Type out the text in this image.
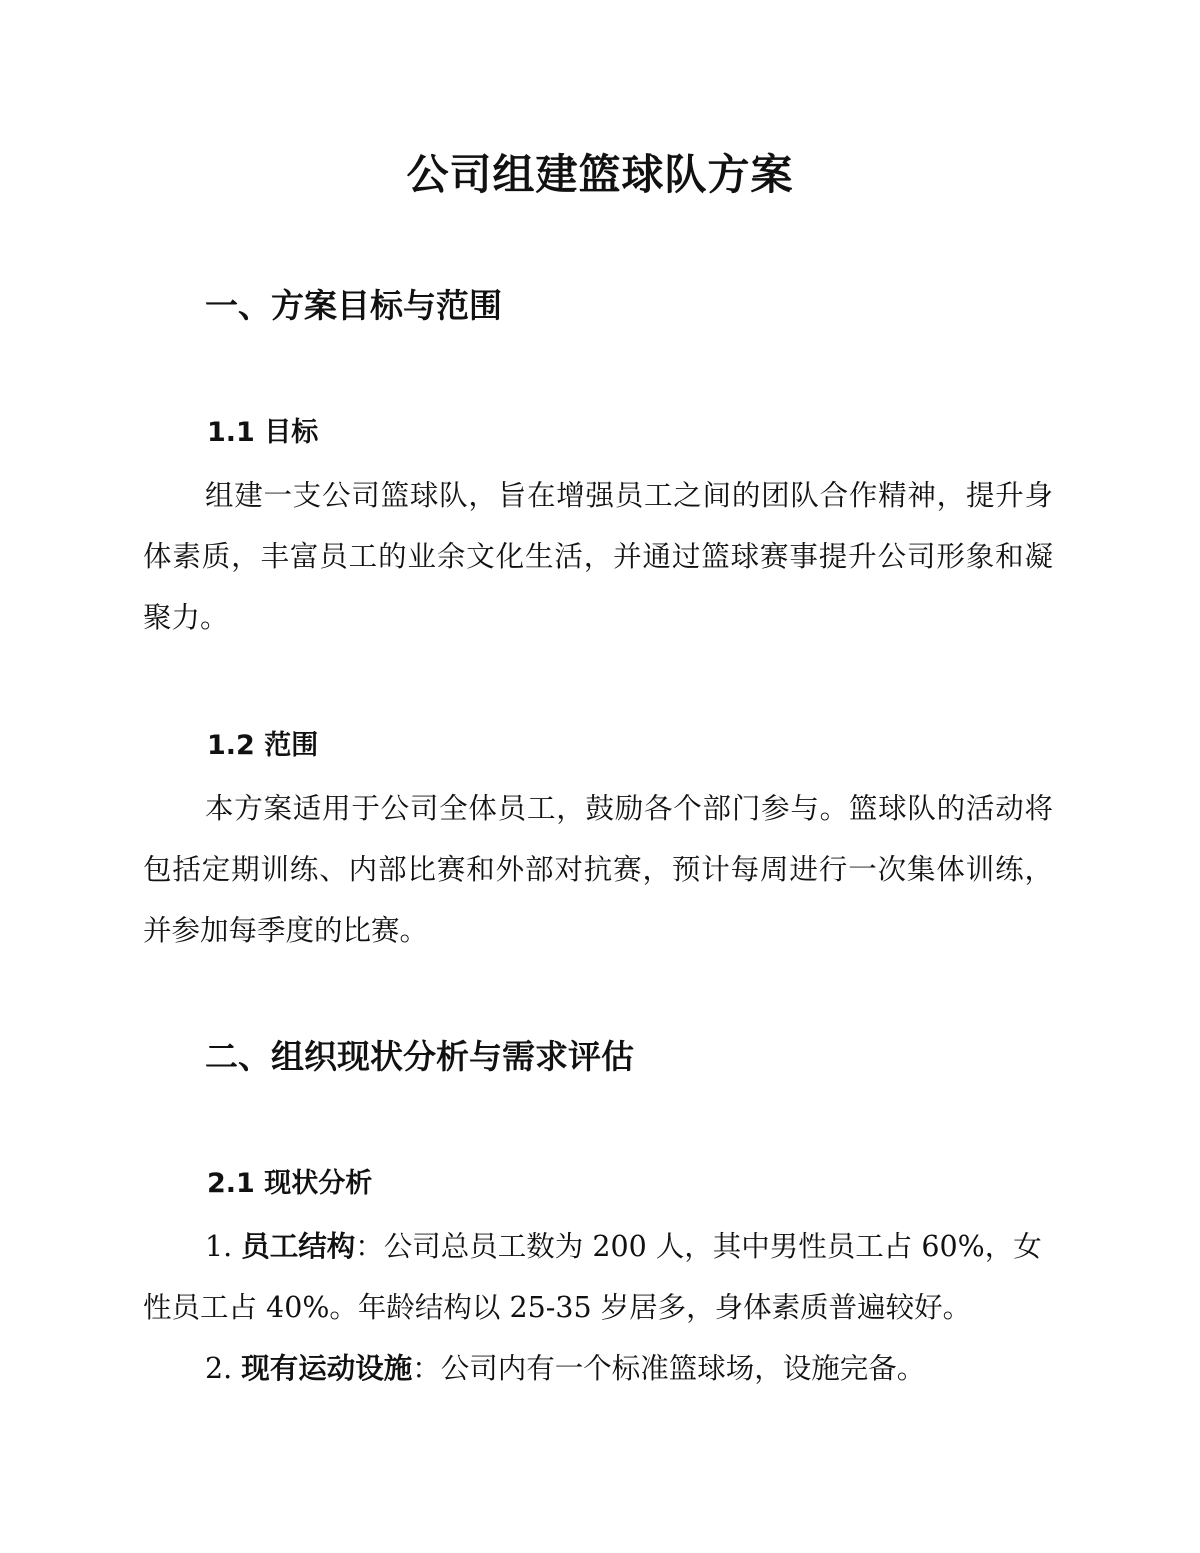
公司组建篮球队方案
一、方案目标与范围
1.1 目标

组建一支公司篮球队，旨在增强员工之间的团队合作精神，提升身体素质，丰富员工的业余文化生活，并通过篮球赛事提升公司形象和凝聚力。

1.2 范围

本方案适用于公司全体员工，鼓励各个部门参与。篮球队的活动将包括定期训练、内部比赛和外部对抗赛，预计每周进行一次集体训练，并参加每季度的比赛。

二、组织现状分析与需求评估
2.1 现状分析

1. 员工结构：公司总员工数为 200 人，其中男性员工占 60%，女性员工占 40%。年龄结构以 25-35 岁居多，身体素质普遍较好。

2. 现有运动设施：公司内有一个标准篮球场，设施完备。
